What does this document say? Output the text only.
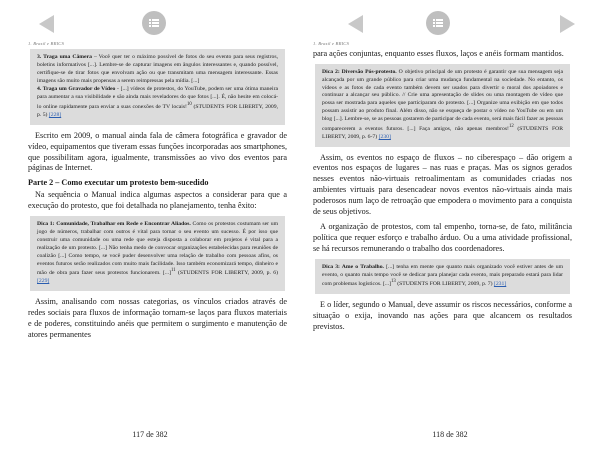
1. Brasil e BRICS

3. Traga uma Câmera – Você quer ter o máximo possível de fotos do seu evento para seus registros, boletins informativos [...]. Lembre-se de capturar imagens em ângulos interessantes e, quando possível, certifique-se de tirar fotos que envolvam ação ou que transmitam uma mensagem interessante. Essas imagens são muito mais propensas a serem reimpressas pela mídia. [...]

4. Traga um Gravador de Vídeo - [...] vídeos de protestos, do YouTube, podem ser uma ótima maneira para aumentar a sua visibilidade e são ainda mais reveladores do que fotos [...]. É, não hesite em colocá-lo online rapidamente para enviar a suas conexões de TV locais!$^{10}$ (STUDENTS FOR LIBERTY, 2009, p. 5) [228]

Escrito em 2009, o manual ainda fala de câmera fotográfica e gravador de vídeo, equipamentos que tiveram essas funções incorporadas aos smartphones, que possibilitam agora, igualmente, transmissões ao vivo dos eventos para páginas de Internet.

Parte 2 – Como executar um protesto bem-sucedido

Na sequência o Manual indica algumas aspectos a considerar para que a execução do protesto, que foi detalhada no planejamento, tenha êxito:

Dica 1: Comunidade, Trabalhar em Rede e Encontrar Aliados. Como os protestos costumam ser um jogo de números, trabalhar com outros é vital para tornar o seu evento um sucesso. É por isso que construir uma comunidade ou uma rede que esteja disposta a colaborar em projetos é vital para a realização de um protesto. [...] Não tenha medo de convocar organizações estabelecidas para reuniões de coalizão [...] Como tempo, se você puder desenvolver uma relação de trabalho com pessoas afins, os eventos futuros serão realizados com muito mais facilidade. Isso também economizará tempo, dinheiro e mão de obra para fazer seus protestos funcionarem. [...]$^{11}$ (STUDENTS FOR LIBERTY, 2009, p. 6) [229]

Assim, analisando com nossas categorias, os vínculos criados através de redes sociais para fluxos de informação tornam-se laços para fluxos materiais e de poderes, constituindo anéis que permitem o surgimento e manutenção de atores permanentes

117 de 382
1. Brasil e BRICS

para ações conjuntas, enquanto esses fluxos, laços e anéis formam mantidos.

Dica 2: Diversão Pós-protesto. O objetivo principal de um protesto é garantir que sua mensagem seja alcançada por um grande público para criar uma mudança fundamental na sociedade. No entanto, os vídeos e as fotos de cada evento também devem ser usados para divertir o moral dos apoiadores e continuar a alcançar seu público. // Crie uma apresentação de slides ou uma montagem de vídeo que possa ser mostrada para aqueles que participaram do protesto. [...] Organize uma exibição em que todos possam assistir ao produto final. Além disso, não se esqueça de postar o vídeo no YouTube ou em um blog [...]. Lembre-se, se as pessoas gostarem de participar de cada evento, será mais fácil fazer as pessoas comparecerem a eventos futuros. [...] Faça amigos, não apenas membros!$^{12}$ (STUDENTS FOR LIBERTY, 2009, p. 6-7) [230]

Assim, os eventos no espaço de fluxos – no ciberespaço – dão origem a eventos nos espaços de lugares – nas ruas e praças. Mas os signos gerados nesses eventos não-virtuais retroalimentam as comunidades criadas nos ambientes virtuais para desencadear novos eventos não-virtuais ainda mais poderosos num laço de retroação que empodera o movimento para a conquista de seus objetivos.

A organização de protestos, com tal empenho, torna-se, de fato, militância política que requer esforço e trabalho árduo. Ou a uma atividade profissional, se há recursos remunerando o trabalho dos coordenadores.

Dica 3: Ame o Trabalho. [...] tenha em mente que quanto mais organizado você estiver antes de um evento, o quanto mais tempo você se dedicar para planejar cada evento, mais preparado estará para lidar com problemas logísticos. [...]$^{13}$ (STUDENTS FOR LIBERTY, 2009, p. 7) [231]

E o líder, segundo o Manual, deve assumir os riscos necessários, conforme a situação o exija, inovando nas ações para que alcancem os resultados previstos.

118 de 382
